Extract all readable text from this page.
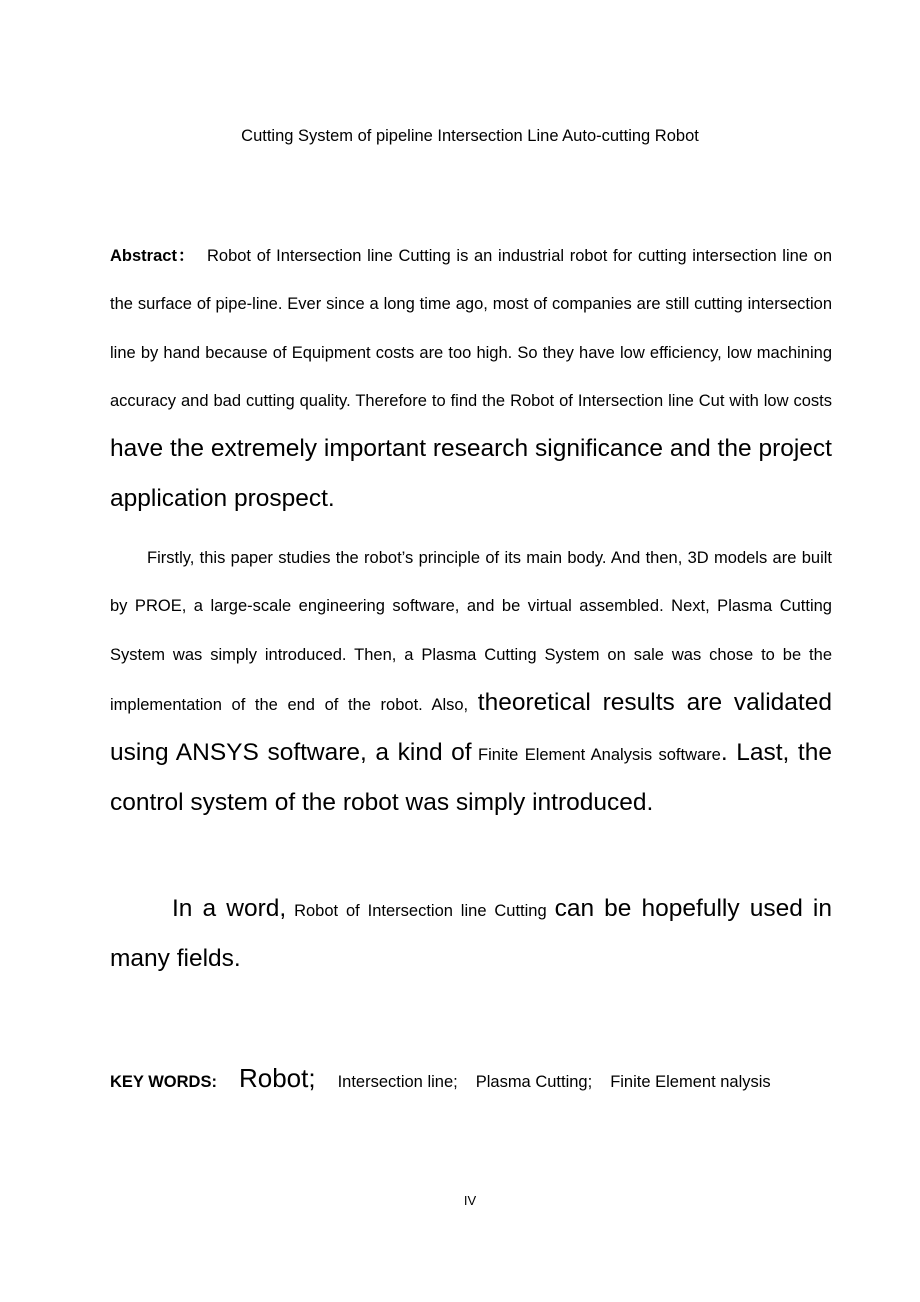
Cutting System of pipeline Intersection Line Auto-cutting Robot

Abstract： Robot of Intersection line Cutting is an industrial robot for cutting intersection line on the surface of pipe-line. Ever since a long time ago, most of companies are still cutting intersection line by hand because of Equipment costs are too high. So they have low efficiency, low machining accuracy and bad cutting quality. Therefore to find the Robot of Intersection line Cut with low costs have the extremely important research significance and the project application prospect.

Firstly, this paper studies the robot’s principle of its main body. And then, 3D models are built by PROE, a large-scale engineering software, and be virtual assembled. Next, Plasma Cutting System was simply introduced. Then, a Plasma Cutting System on sale was chose to be the implementation of the end of the robot. Also, theoretical results are validated using ANSYS software, a kind of Finite Element Analysis software. Last, the control system of the robot was simply introduced.

In a word, Robot of Intersection line Cutting can be hopefully used in many fields.

KEY WORDS: Robot; Intersection line; Plasma Cutting; Finite Element nalysis
IV
